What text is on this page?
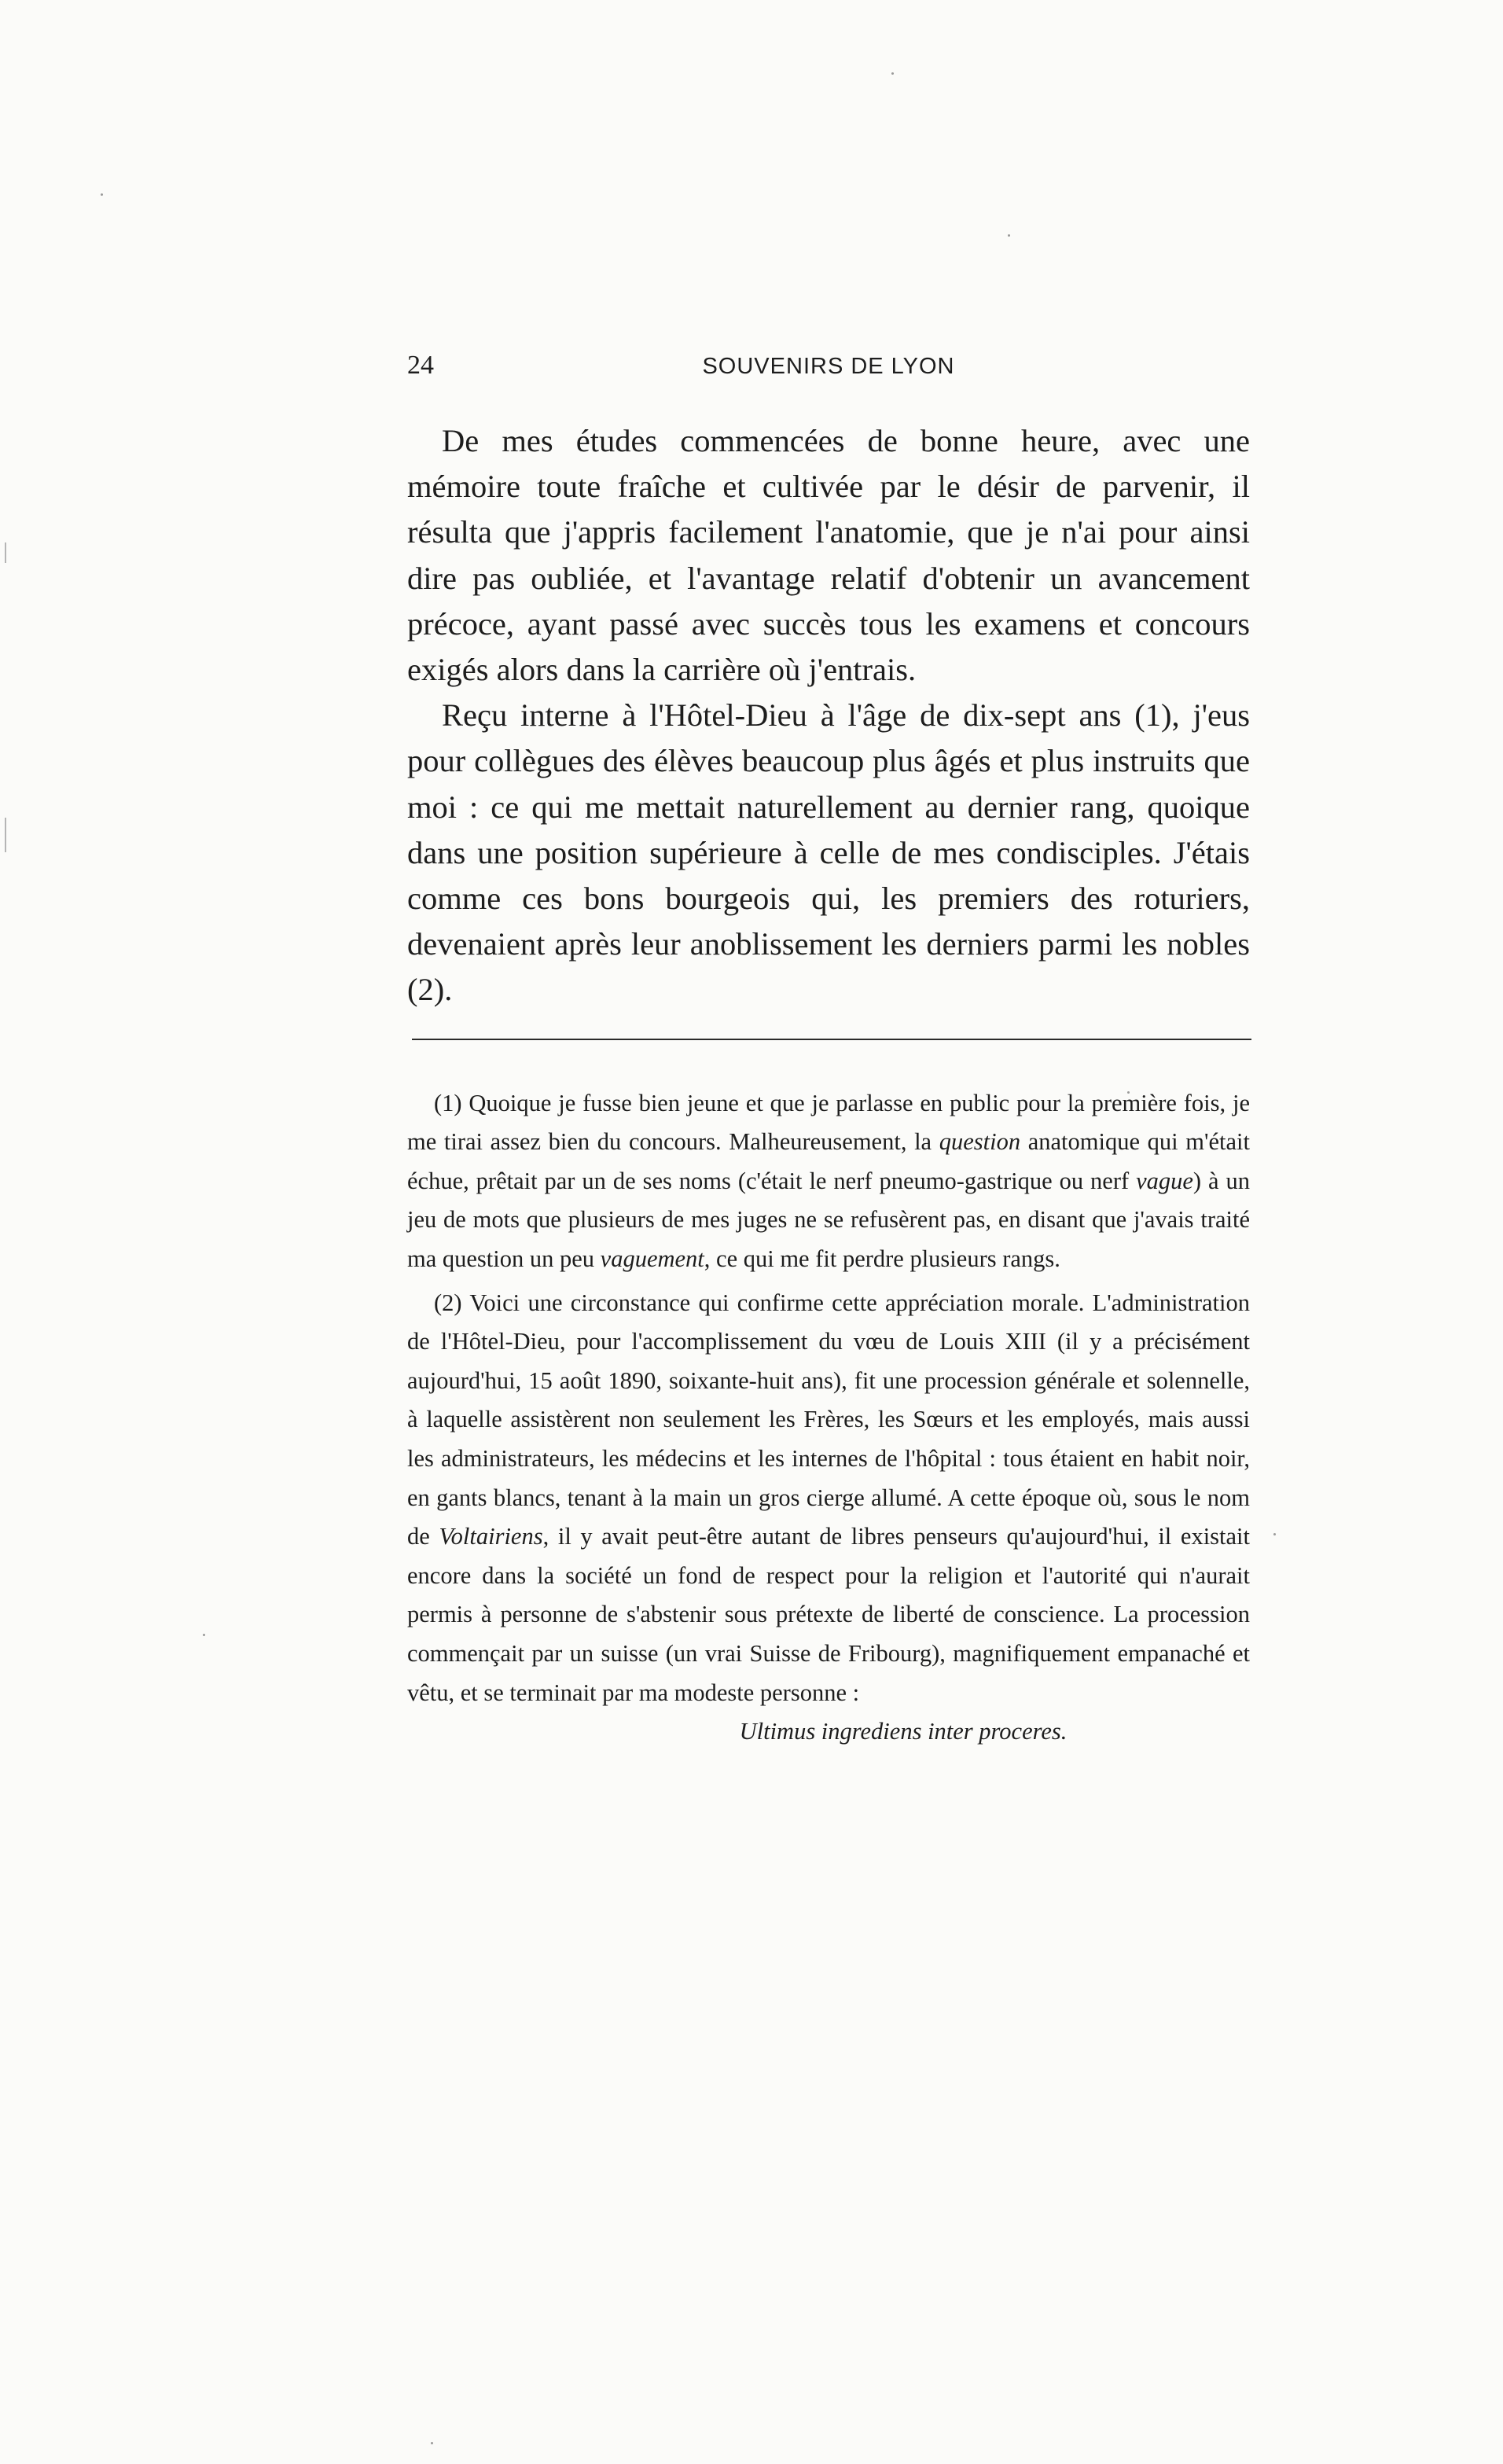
24	SOUVENIRS DE LYON

De mes études commencées de bonne heure, avec une mémoire toute fraîche et cultivée par le désir de parvenir, il résulta que j'appris facilement l'anatomie, que je n'ai pour ainsi dire pas oubliée, et l'avantage relatif d'obtenir un avancement précoce, ayant passé avec succès tous les examens et concours exigés alors dans la carrière où j'entrais.

Reçu interne à l'Hôtel-Dieu à l'âge de dix-sept ans (1), j'eus pour collègues des élèves beaucoup plus âgés et plus instruits que moi : ce qui me mettait naturellement au dernier rang, quoique dans une position supérieure à celle de mes condisciples. J'étais comme ces bons bourgeois qui, les premiers des roturiers, devenaient après leur anoblissement les derniers parmi les nobles (2).

(1) Quoique je fusse bien jeune et que je parlasse en public pour la première fois, je me tirai assez bien du concours. Malheureusement, la question anatomique qui m'était échue, prêtait par un de ses noms (c'était le nerf pneumo-gastrique ou nerf vague) à un jeu de mots que plusieurs de mes juges ne se refusèrent pas, en disant que j'avais traité ma question un peu vaguement, ce qui me fit perdre plusieurs rangs.

(2) Voici une circonstance qui confirme cette appréciation morale. L'administration de l'Hôtel-Dieu, pour l'accomplissement du vœu de Louis XIII (il y a précisément aujourd'hui, 15 août 1890, soixante-huit ans), fit une procession générale et solennelle, à laquelle assistèrent non seulement les Frères, les Sœurs et les employés, mais aussi les administrateurs, les médecins et les internes de l'hôpital : tous étaient en habit noir, en gants blancs, tenant à la main un gros cierge allumé. A cette époque où, sous le nom de Voltairiens, il y avait peut-être autant de libres penseurs qu'aujourd'hui, il existait encore dans la société un fond de respect pour la religion et l'autorité qui n'aurait permis à personne de s'abstenir sous prétexte de liberté de conscience. La procession commençait par un suisse (un vrai Suisse de Fribourg), magnifiquement empanaché et vêtu, et se terminait par ma modeste personne :

Ultimus ingrediens inter proceres.
